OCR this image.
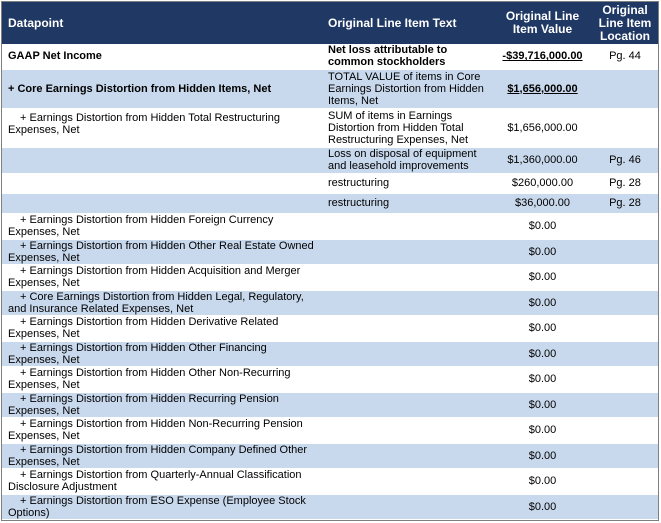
Datapoint	Original Line Item Text	Original Line Item Value	Original Line Item Location
GAAP Net Income	Net loss attributable to common stockholders	-$39,716,000.00	Pg. 44
+ Core Earnings Distortion from Hidden Items, Net	TOTAL VALUE of items in Core Earnings Distortion from Hidden Items, Net	$1,656,000.00	
+ Earnings Distortion from Hidden Total Restructuring Expenses, Net	SUM of items in Earnings Distortion from Hidden Total Restructuring Expenses, Net	$1,656,000.00	
	Loss on disposal of equipment and leasehold improvements	$1,360,000.00	Pg. 46
	restructuring	$260,000.00	Pg. 28
	restructuring	$36,000.00	Pg. 28
+ Earnings Distortion from Hidden Foreign Currency Expenses, Net		$0.00	
+ Earnings Distortion from Hidden Other Real Estate Owned Expenses, Net		$0.00	
+ Earnings Distortion from Hidden Acquisition and Merger Expenses, Net		$0.00	
+ Core Earnings Distortion from Hidden Legal, Regulatory, and Insurance Related Expenses, Net		$0.00	
+ Earnings Distortion from Hidden Derivative Related Expenses, Net		$0.00	
+ Earnings Distortion from Hidden Other Financing Expenses, Net		$0.00	
+ Earnings Distortion from Hidden Other Non-Recurring Expenses, Net		$0.00	
+ Earnings Distortion from Hidden Recurring Pension Expenses, Net		$0.00	
+ Earnings Distortion from Hidden Non-Recurring Pension Expenses, Net		$0.00	
+ Earnings Distortion from Hidden Company Defined Other Expenses, Net		$0.00	
+ Earnings Distortion from Quarterly-Annual Classification Disclosure Adjustment		$0.00	
+ Earnings Distortion from ESO Expense (Employee Stock Options)		$0.00	
